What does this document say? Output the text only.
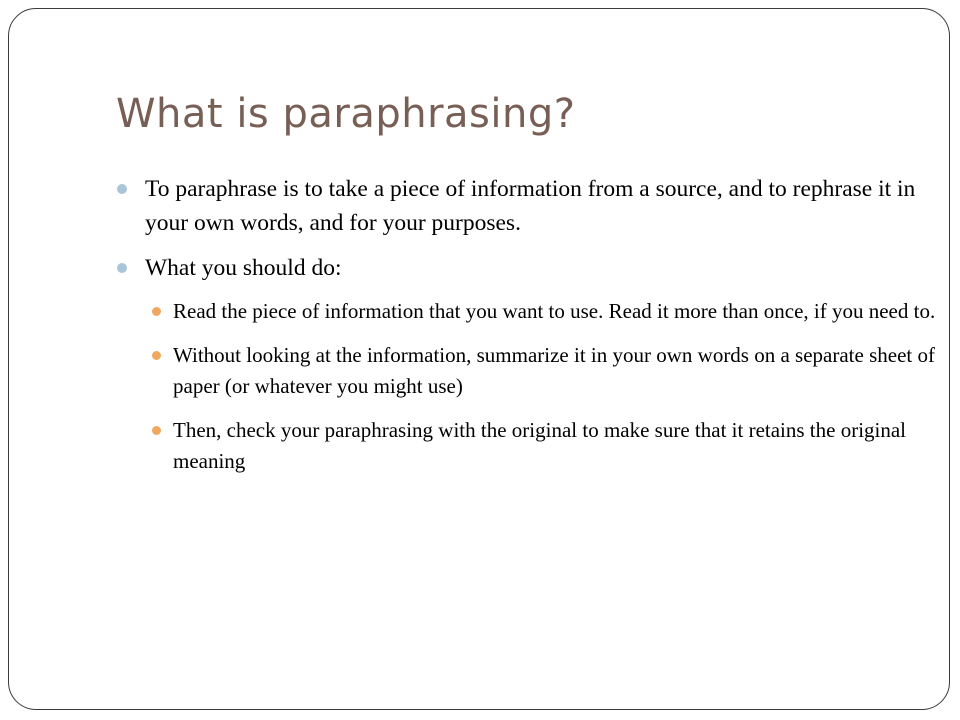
What is paraphrasing?
To paraphrase is to take a piece of information from a source, and to rephrase it in your own words, and for your purposes.
What you should do:
Read the piece of information that you want to use. Read it more than once, if you need to.
Without looking at the information, summarize it in your own words on a separate sheet of paper (or whatever you might use)
Then, check your paraphrasing with the original to make sure that it retains the original meaning
